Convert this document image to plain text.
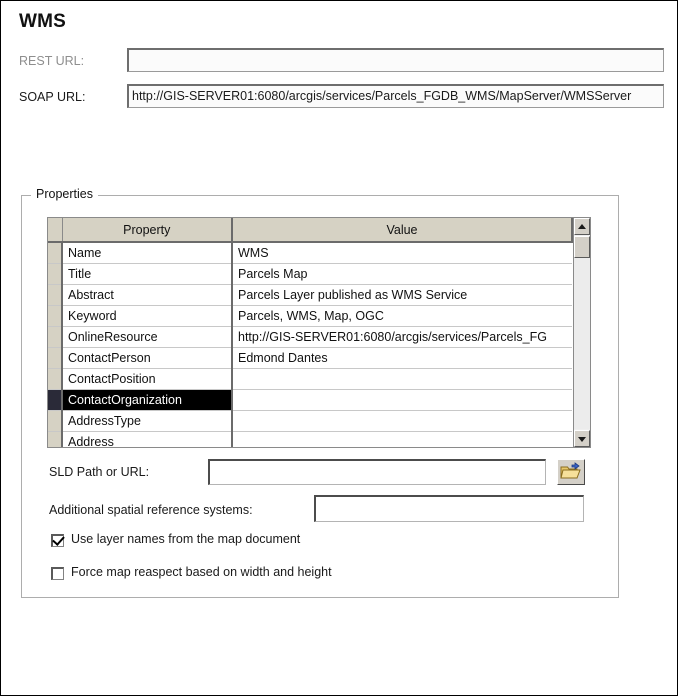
WMS
REST URL:
SOAP URL:	http://GIS-SERVER01:6080/arcgis/services/Parcels_FGDB_WMS/MapServer/WMSServer
Properties
	Property	Value
	Name	WMS
	Title	Parcels Map
	Abstract	Parcels Layer published as WMS Service
	Keyword	Parcels, WMS, Map, OGC
	OnlineResource	http://GIS-SERVER01:6080/arcgis/services/Parcels_FG
	ContactPerson	Edmond Dantes
	ContactPosition	
	ContactOrganization	
	AddressType	
	Address	
SLD Path or URL:
Additional spatial reference systems:
Use layer names from the map document
Force map reaspect based on width and height
